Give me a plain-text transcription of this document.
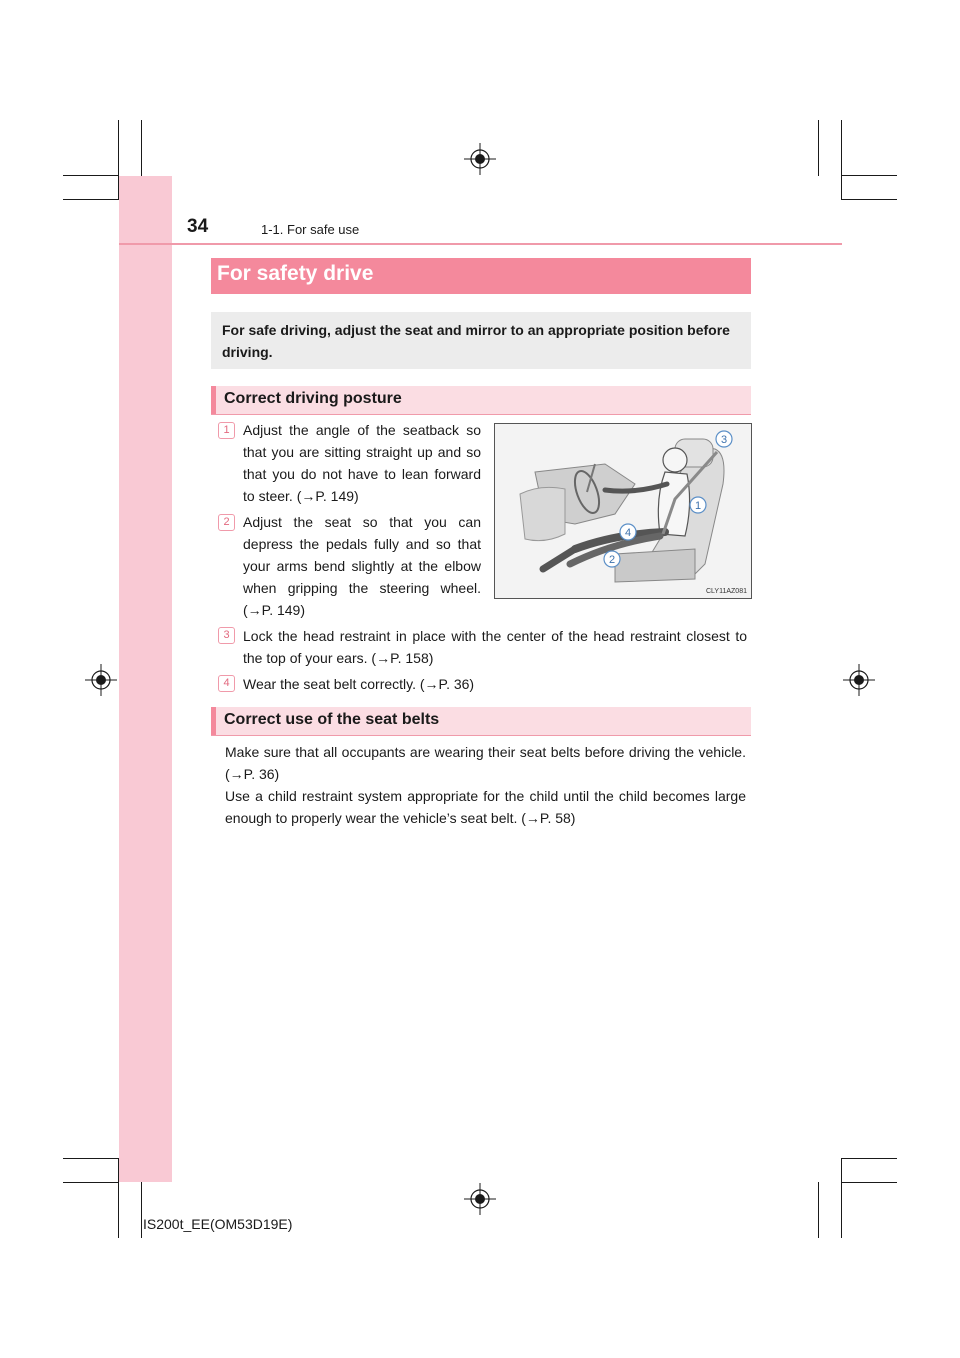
34	1-1. For safe use
For safety drive

For safe driving, adjust the seat and mirror to an appropriate position before driving.

Correct driving posture
1 Adjust the angle of the seatback so that you are sitting straight up and so that you do not have to lean forward to steer. (→P. 149)
2 Adjust the seat so that you can depress the pedals fully and so that your arms bend slightly at the elbow when gripping the steering wheel. (→P. 149)
3 Lock the head restraint in place with the center of the head restraint closest to the top of your ears. (→P. 158)
4 Wear the seat belt correctly. (→P. 36)
3
1
4
2
CLY11AZ081
Correct use of the seat belts
Make sure that all occupants are wearing their seat belts before driving the vehicle. (→P. 36)
Use a child restraint system appropriate for the child until the child becomes large enough to properly wear the vehicle’s seat belt. (→P. 58)
IS200t_EE(OM53D19E)
